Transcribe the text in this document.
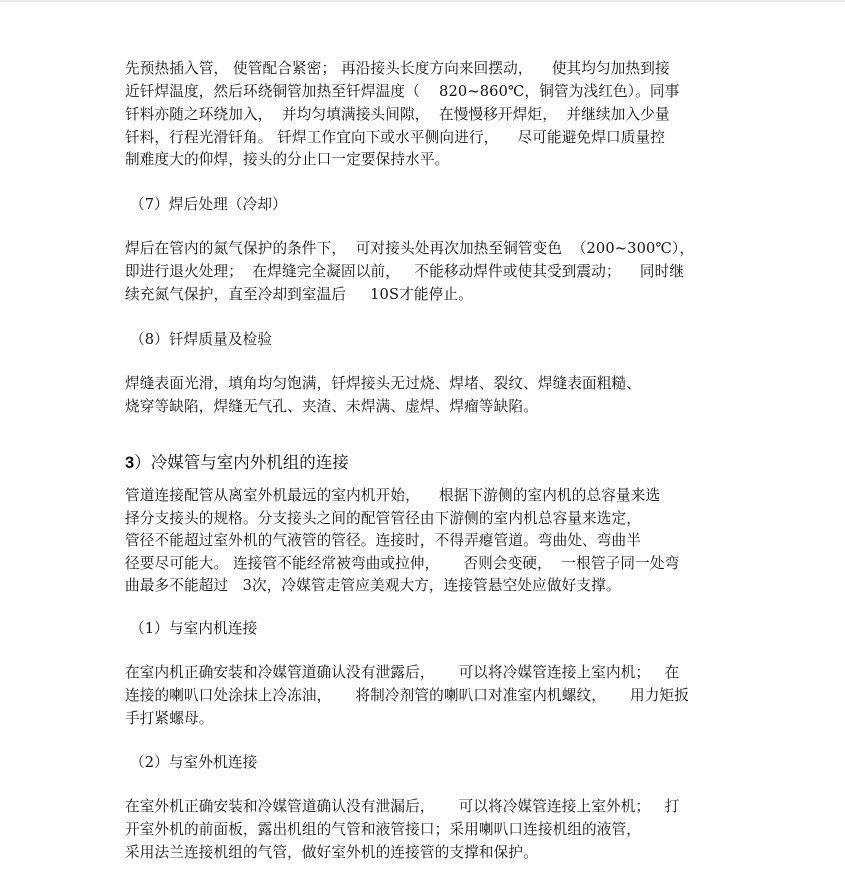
先预热插入管， 使管配合紧密； 再沿接头长度方向来回摆动，    使其均匀加热到接
近钎焊温度，然后环绕铜管加热至钎焊温度（    820~860℃，铜管为浅红色）。同事
钎料亦随之环绕加入，  并均匀填满接头间隙，  在慢慢移开焊炬，  并继续加入少量
钎料，行程光滑钎角。 钎焊工作宜向下或水平侧向进行，    尽可能避免焊口质量控
制难度大的仰焊，接头的分止口一定要保持水平。
（7）焊后处理（冷却）
焊后在管内的氮气保护的条件下，  可对接头处再次加热至铜管变色  （200~300℃），
即进行退火处理；  在焊缝完全凝固以前，   不能移动焊件或使其受到震动；    同时继
续充氮气保护，直至冷却到室温后     10S才能停止。
（8）钎焊质量及检验
焊缝表面光滑，填角均匀饱满，钎焊接头无过烧、焊堵、裂纹、焊缝表面粗糙、
烧穿等缺陷，焊缝无气孔、夹渣、未焊满、虚焊、焊瘤等缺陷。
3）冷媒管与室内外机组的连接
管道连接配管从离室外机最远的室内机开始，    根据下游侧的室内机的总容量来选
择分支接头的规格。分支接头之间的配管管径由下游侧的室内机总容量来选定，
管径不能超过室外机的气液管的管径。连接时，不得弄瘪管道。弯曲处、弯曲半
径要尽可能大。 连接管不能经常被弯曲或拉伸，     否则会变硬，  一根管子同一处弯
曲最多不能超过   3次，冷媒管走管应美观大方，连接管悬空处应做好支撑。
（1）与室内机连接
在室内机正确安装和冷媒管道确认没有泄露后，     可以将冷媒管连接上室内机；   在
连接的喇叭口处涂抹上冷冻油，     将制冷剂管的喇叭口对准室内机螺纹，     用力矩扳
手打紧螺母。
（2）与室外机连接
在室外机正确安装和冷媒管道确认没有泄漏后，     可以将冷媒管连接上室外机；   打
开室外机的前面板，露出机组的气管和液管接口；采用喇叭口连接机组的液管，
采用法兰连接机组的气管，做好室外机的连接管的支撑和保护。
